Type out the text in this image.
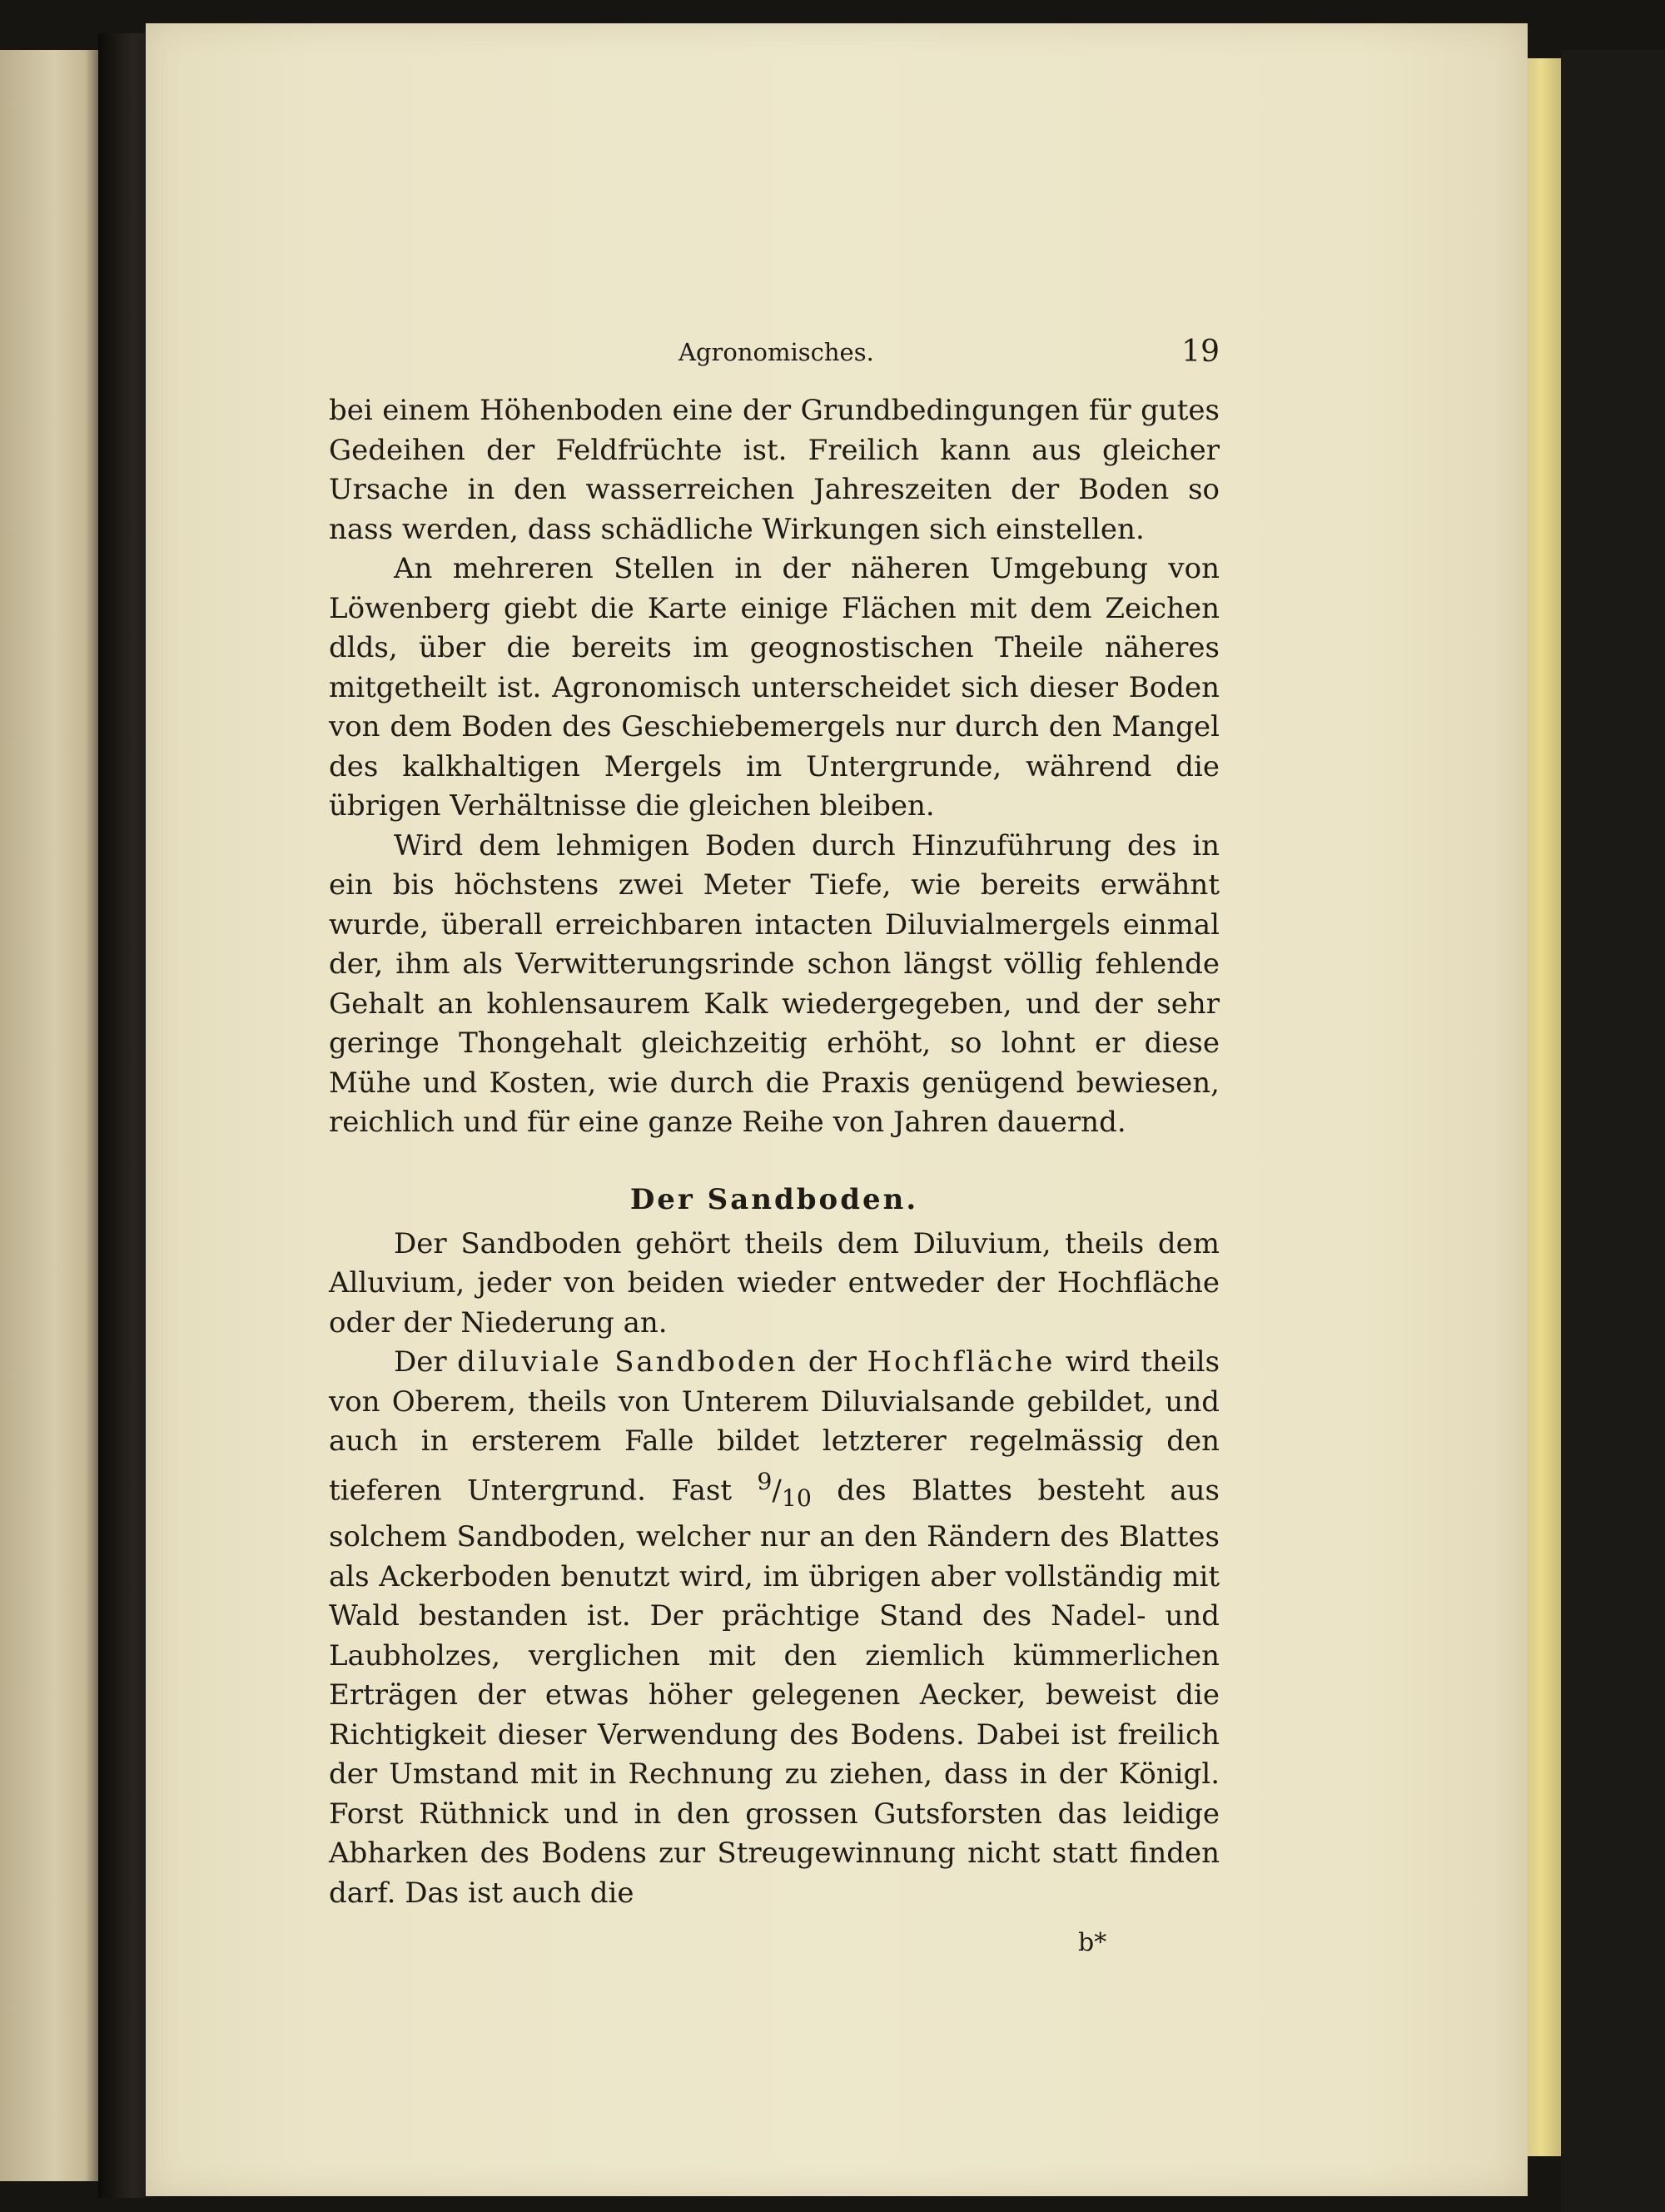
Agronomisches.	19

bei einem Höhenboden eine der Grundbedingungen für gutes Gedeihen der Feldfrüchte ist. Freilich kann aus gleicher Ursache in den wasserreichen Jahreszeiten der Boden so nass werden, dass schädliche Wirkungen sich einstellen.

An mehreren Stellen in der näheren Umgebung von Löwenberg giebt die Karte einige Flächen mit dem Zeichen dlds, über die bereits im geognostischen Theile näheres mitgetheilt ist. Agronomisch unterscheidet sich dieser Boden von dem Boden des Geschiebemergels nur durch den Mangel des kalkhaltigen Mergels im Untergrunde, während die übrigen Verhältnisse die gleichen bleiben.

Wird dem lehmigen Boden durch Hinzuführung des in ein bis höchstens zwei Meter Tiefe, wie bereits erwähnt wurde, überall erreichbaren intacten Diluvialmergels einmal der, ihm als Verwitterungsrinde schon längst völlig fehlende Gehalt an kohlensaurem Kalk wiedergegeben, und der sehr geringe Thongehalt gleichzeitig erhöht, so lohnt er diese Mühe und Kosten, wie durch die Praxis genügend bewiesen, reichlich und für eine ganze Reihe von Jahren dauernd.

Der Sandboden.

Der Sandboden gehört theils dem Diluvium, theils dem Alluvium, jeder von beiden wieder entweder der Hochfläche oder der Niederung an.

Der diluviale Sandboden der Hochfläche wird theils von Oberem, theils von Unterem Diluvialsande gebildet, und auch in ersterem Falle bildet letzterer regelmässig den tieferen Untergrund. Fast $^9/_{10}$ des Blattes besteht aus solchem Sandboden, welcher nur an den Rändern des Blattes als Ackerboden benutzt wird, im übrigen aber vollständig mit Wald bestanden ist. Der prächtige Stand des Nadel- und Laubholzes, verglichen mit den ziemlich kümmerlichen Erträgen der etwas höher gelegenen Aecker, beweist die Richtigkeit dieser Verwendung des Bodens. Dabei ist freilich der Umstand mit in Rechnung zu ziehen, dass in der Königl. Forst Rüthnick und in den grossen Gutsforsten das leidige Abharken des Bodens zur Streugewinnung nicht statt finden darf. Das ist auch die

b*
